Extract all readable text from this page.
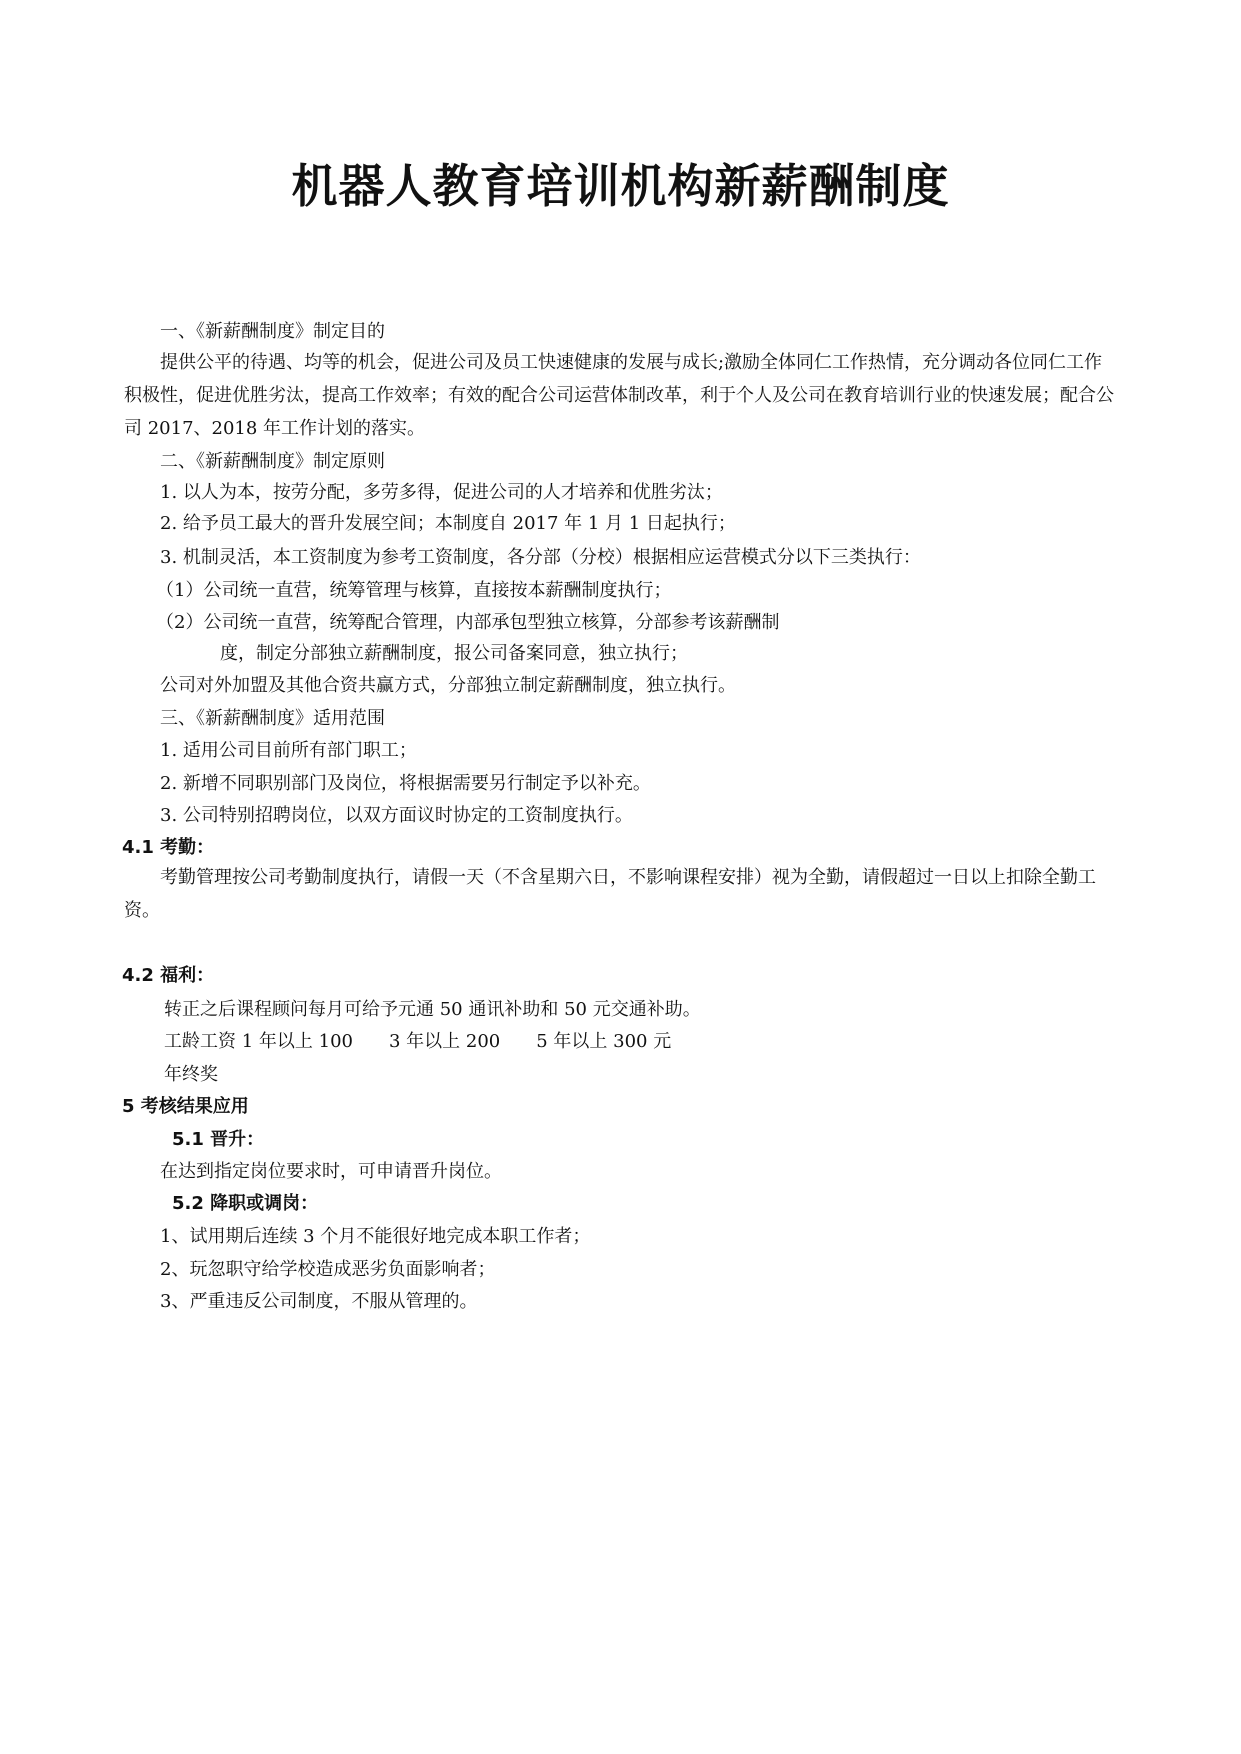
机器人教育培训机构新薪酬制度
一、《新薪酬制度》制定目的
提供公平的待遇、均等的机会，促进公司及员工快速健康的发展与成长;激励全体同仁工作热情，充分调动各位同仁工作积极性，促进优胜劣汰，提高工作效率；有效的配合公司运营体制改革，利于个人及公司在教育培训行业的快速发展；配合公司 2017、2018 年工作计划的落实。
二、《新薪酬制度》制定原则
1. 以人为本，按劳分配，多劳多得，促进公司的人才培养和优胜劣汰；
2. 给予员工最大的晋升发展空间；本制度自 2017 年 1 月 1 日起执行；
3. 机制灵活，本工资制度为参考工资制度，各分部（分校）根据相应运营模式分以下三类执行：
（1）公司统一直营，统筹管理与核算，直接按本薪酬制度执行；
（2）公司统一直营，统筹配合管理，内部承包型独立核算，分部参考该薪酬制
度，制定分部独立薪酬制度，报公司备案同意，独立执行；
公司对外加盟及其他合资共赢方式，分部独立制定薪酬制度，独立执行。
三、《新薪酬制度》适用范围
1. 适用公司目前所有部门职工；
2. 新增不同职别部门及岗位，将根据需要另行制定予以补充。
3. 公司特别招聘岗位，以双方面议时协定的工资制度执行。
4.1 考勤：
考勤管理按公司考勤制度执行，请假一天（不含星期六日，不影响课程安排）视为全勤，请假超过一日以上扣除全勤工资。
4.2 福利：
转正之后课程顾问每月可给予元通 50 通讯补助和 50 元交通补助。
工龄工资 1 年以上 100　　3 年以上 200　　5 年以上 300 元
年终奖
5 考核结果应用
5.1 晋升：
在达到指定岗位要求时，可申请晋升岗位。
5.2 降职或调岗：
1、试用期后连续 3 个月不能很好地完成本职工作者；
2、玩忽职守给学校造成恶劣负面影响者；
3、严重违反公司制度，不服从管理的。
